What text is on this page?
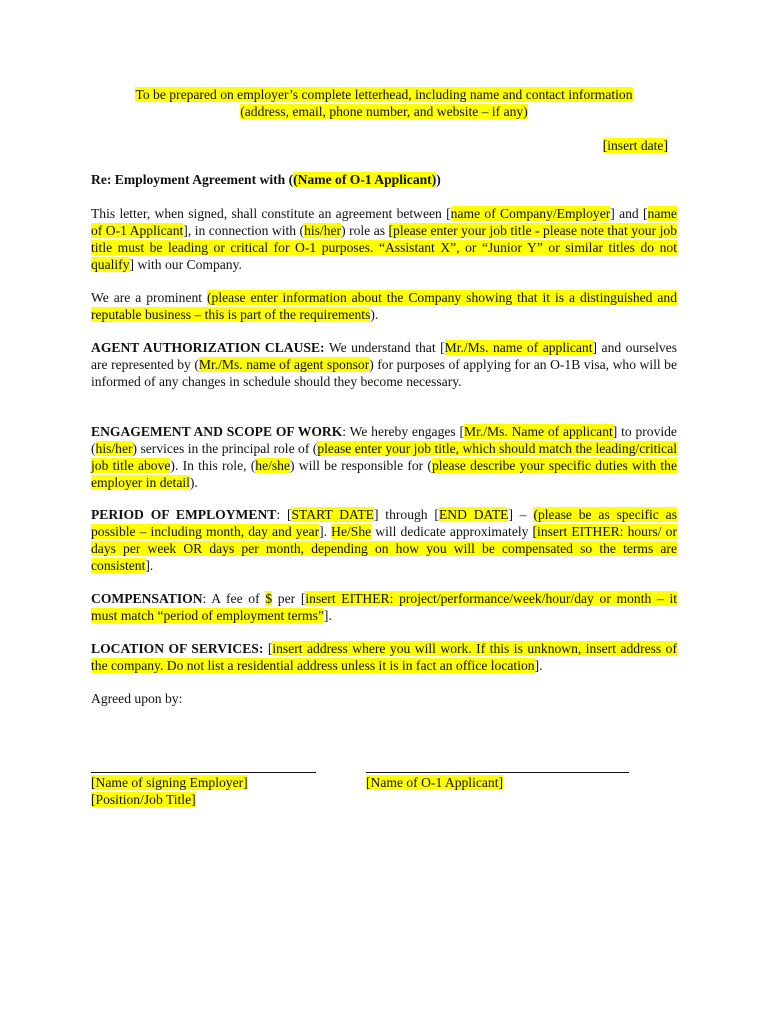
To be prepared on employer’s complete letterhead, including name and contact information
(address, email, phone number, and website – if any)
[insert date]
Re: Employment Agreement with ((Name of O-1 Applicant))
This letter, when signed, shall constitute an agreement between [name of Company/Employer] and [name of O-1 Applicant], in connection with (his/her) role as [please enter your job title - please note that your job title must be leading or critical for O-1 purposes. “Assistant X”, or “Junior Y” or similar titles do not qualify] with our Company.
We are a prominent (please enter information about the Company showing that it is a distinguished and reputable business – this is part of the requirements).
AGENT AUTHORIZATION CLAUSE: We understand that [Mr./Ms. name of applicant] and ourselves are represented by (Mr./Ms. name of agent sponsor) for purposes of applying for an O-1B visa, who will be informed of any changes in schedule should they become necessary.
ENGAGEMENT AND SCOPE OF WORK: We hereby engages [Mr./Ms. Name of applicant] to provide (his/her) services in the principal role of (please enter your job title, which should match the leading/critical job title above). In this role, (he/she) will be responsible for (please describe your specific duties with the employer in detail).
PERIOD OF EMPLOYMENT: [START DATE] through [END DATE] – (please be as specific as possible – including month, day and year]. He/She will dedicate approximately [insert EITHER: hours/ or days per week OR days per month, depending on how you will be compensated so the terms are consistent].
COMPENSATION: A fee of $ per [insert EITHER: project/performance/week/hour/day or month – it must match “period of employment terms”].
LOCATION OF SERVICES: [insert address where you will work. If this is unknown, insert address of the company. Do not list a residential address unless it is in fact an office location].
Agreed upon by:
[Name of signing Employer]
[Position/Job Title]
[Name of O-1 Applicant]
